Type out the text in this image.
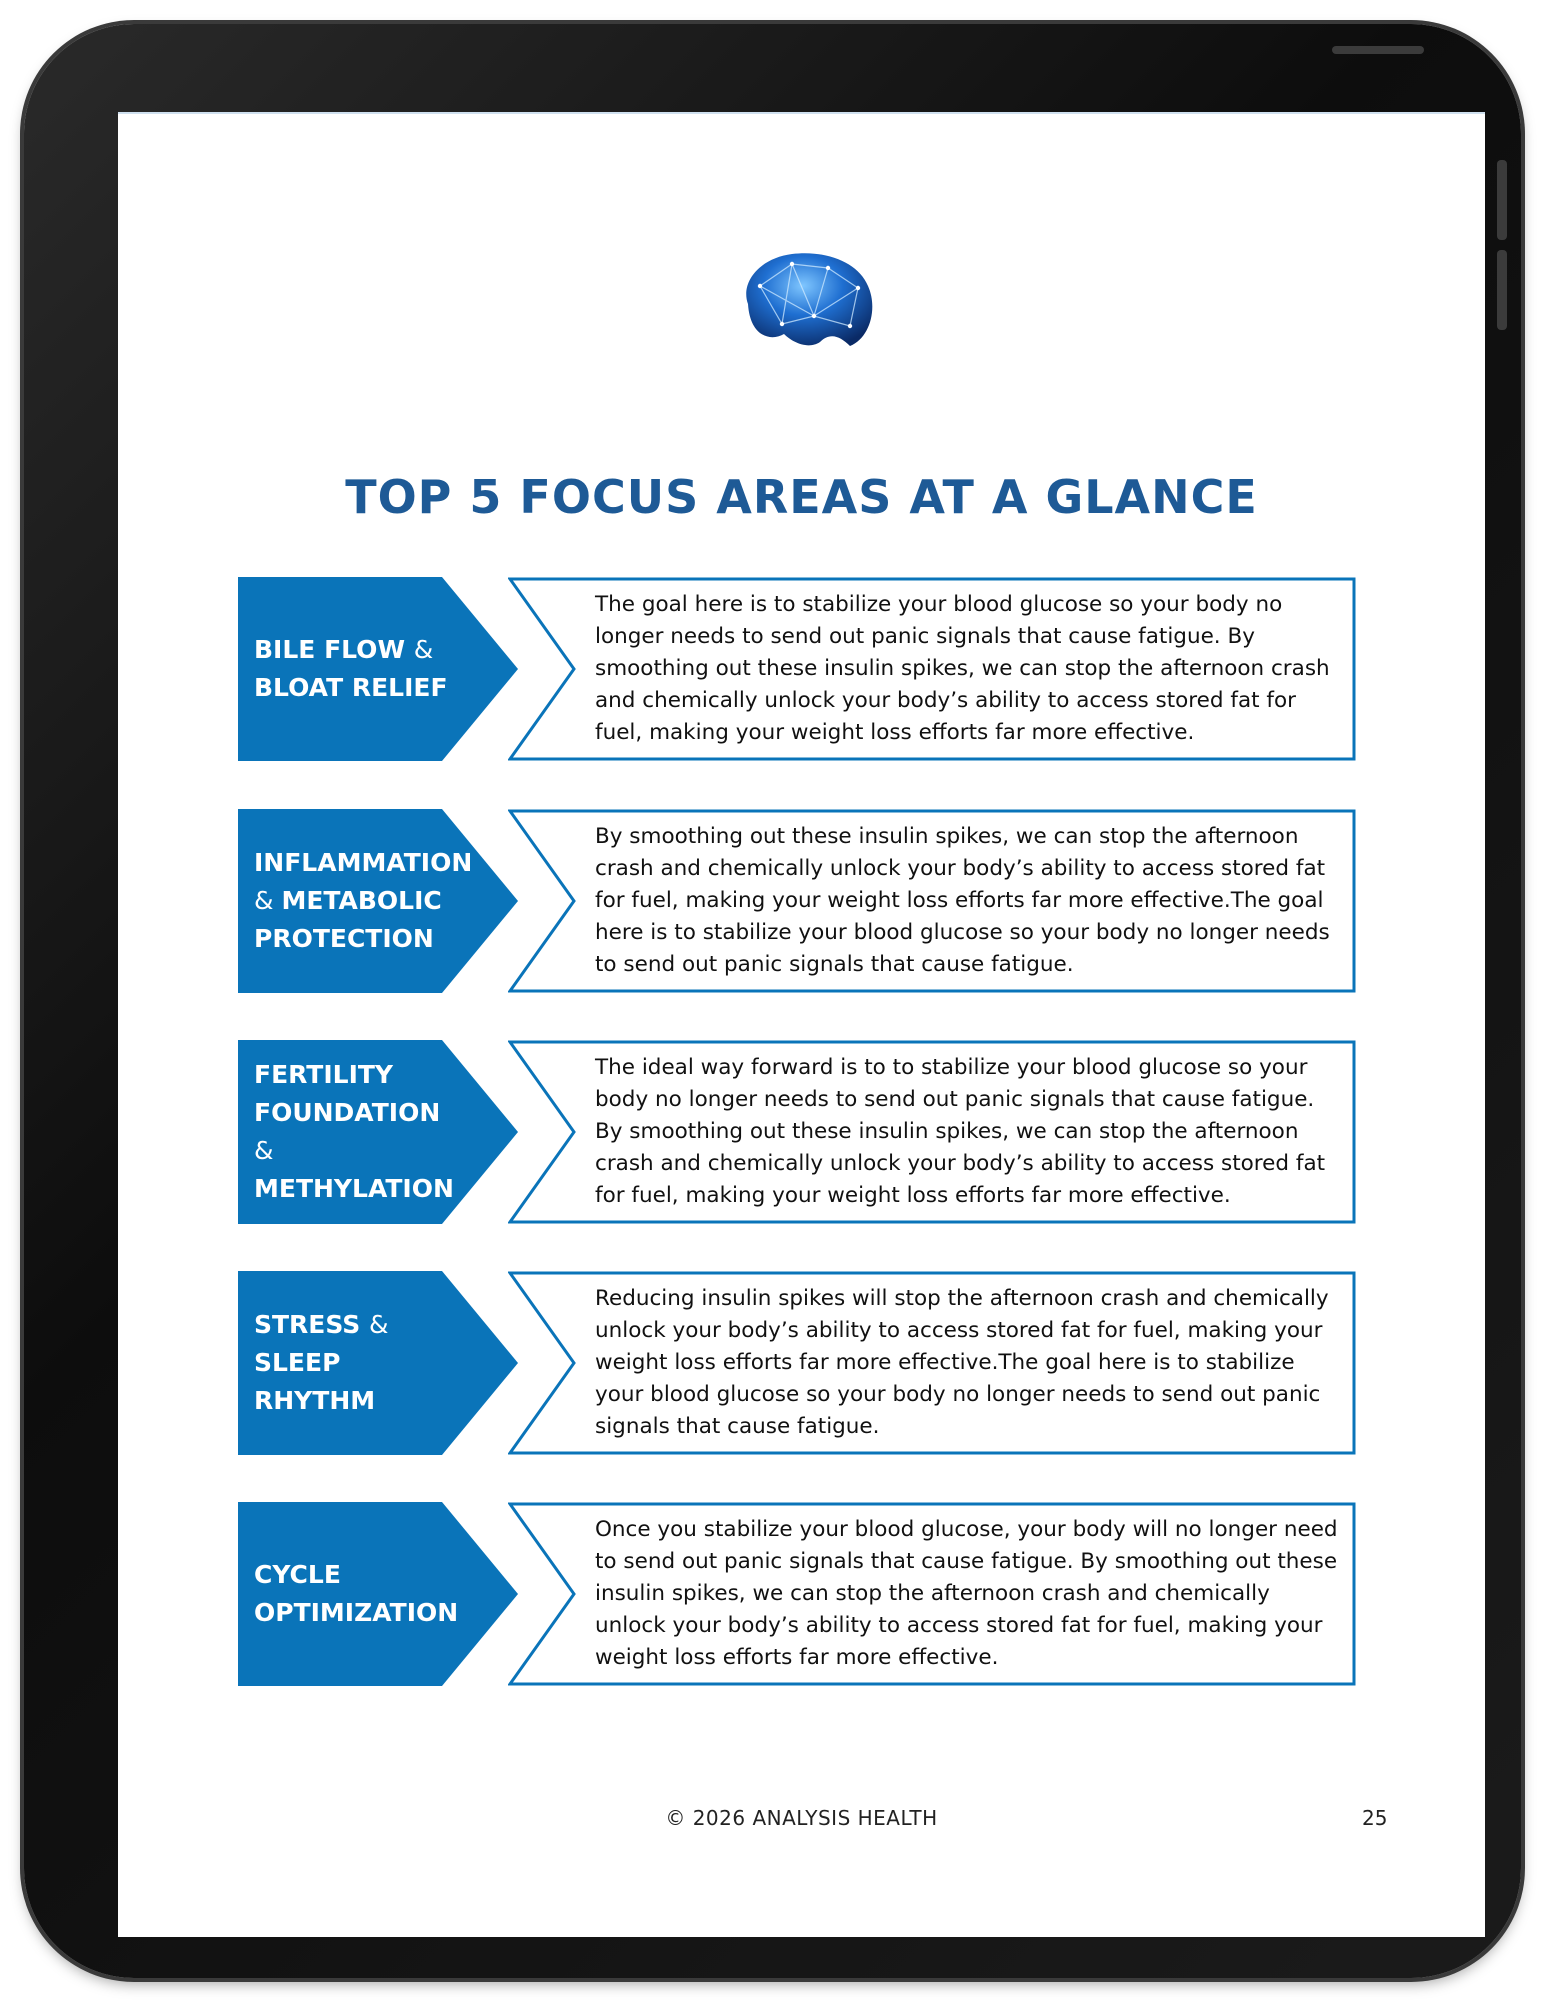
TOP 5 FOCUS AREAS AT A GLANCE
BILE FLOW &
BLOAT RELIEF
The goal here is to stabilize your blood glucose so your body no longer needs to send out panic signals that cause fatigue. By smoothing out these insulin spikes, we can stop the afternoon crash and chemically unlock your body’s ability to access stored fat for fuel, making your weight loss efforts far more effective.
INFLAMMATION
& METABOLIC
PROTECTION
By smoothing out these insulin spikes, we can stop the afternoon crash and chemically unlock your body’s ability to access stored fat for fuel, making your weight loss efforts far more effective.The goal here is to stabilize your blood glucose so your body no longer needs to send out panic signals that cause fatigue.
FERTILITY
FOUNDATION &
METHYLATION
The ideal way forward is to to stabilize your blood glucose so your body no longer needs to send out panic signals that cause fatigue. By smoothing out these insulin spikes, we can stop the afternoon crash and chemically unlock your body’s ability to access stored fat for fuel, making your weight loss efforts far more effective.
STRESS & SLEEP
RHYTHM
Reducing insulin spikes will stop the afternoon crash and chemically unlock your body’s ability to access stored fat for fuel, making your weight loss efforts far more effective.The goal here is to stabilize your blood glucose so your body no longer needs to send out panic signals that cause fatigue.
CYCLE
OPTIMIZATION
Once you stabilize your blood glucose, your body will no longer need to send out panic signals that cause fatigue. By smoothing out these insulin spikes, we can stop the afternoon crash and chemically unlock your body’s ability to access stored fat for fuel, making your weight loss efforts far more effective.
© 2026 ANALYSIS HEALTH	25
